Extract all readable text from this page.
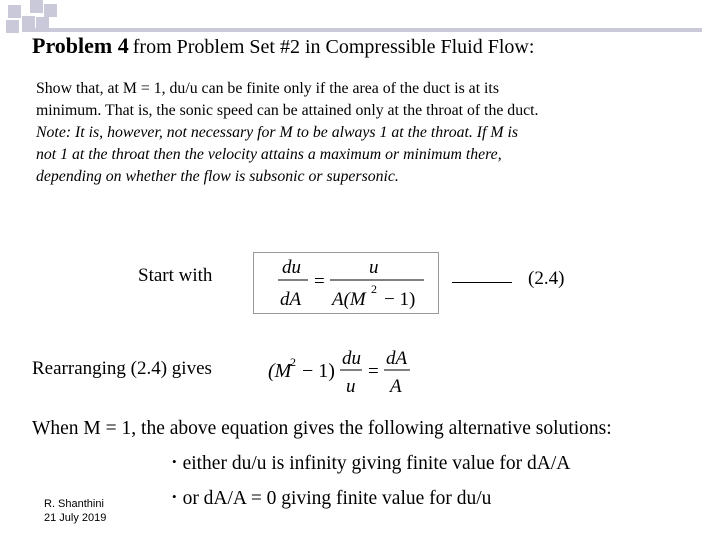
Problem 4 from Problem Set #2 in Compressible Fluid Flow:
Show that, at M = 1, du/u can be finite only if the area of the duct is at its
minimum. That is, the sonic speed can be attained only at the throat of the duct.
Note: It is, however, not necessary for M to be always 1 at the throat. If M is
not 1 at the throat then the velocity attains a maximum or minimum there,
depending on whether the flow is subsonic or supersonic.
Start with	du
dA
=
u
A(M 2 − 1)
(2.4)
Rearranging (2.4) gives	(M
2 − 1)
du
u
=
dA
A
When M = 1, the above equation gives the following alternative solutions:
• either du/u is infinity giving finite value for dA/A
• or dA/A = 0 giving finite value for du/u
R. Shanthini
21 July 2019
